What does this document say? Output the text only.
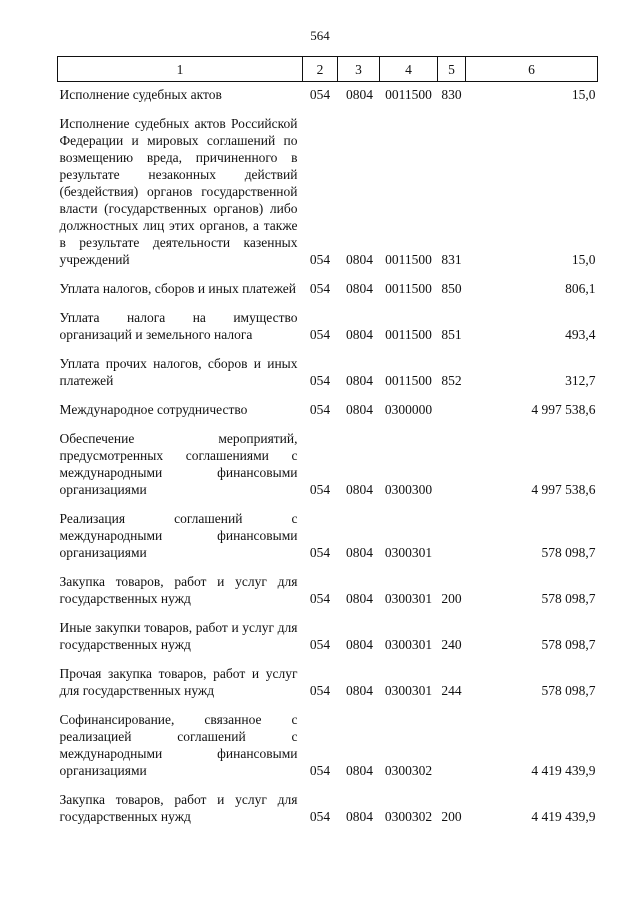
564
1	2	3	4	5	6
Исполнение судебных актов	054	0804	0011500	830	15,0

Исполнение судебных актов Российской Федерации и мировых соглашений по возмещению вреда, причиненного в результате незаконных действий (бездействия) органов государственной власти (государственных органов) либо должностных лиц этих органов, а также в результате деятельности казенных учреждений	054	0804	0011500	831	15,0

Уплата налогов, сборов и иных платежей	054	0804	0011500	850	806,1

Уплата налога на имущество организаций и земельного налога	054	0804	0011500	851	493,4

Уплата прочих налогов, сборов и иных платежей	054	0804	0011500	852	312,7

Международное сотрудничество	054	0804	0300000		4 997 538,6

Обеспечение мероприятий, предусмотренных соглашениями с международными финансовыми организациями	054	0804	0300300		4 997 538,6

Реализация соглашений с международными финансовыми организациями	054	0804	0300301		578 098,7

Закупка товаров, работ и услуг для государственных нужд	054	0804	0300301	200	578 098,7

Иные закупки товаров, работ и услуг для государственных нужд	054	0804	0300301	240	578 098,7

Прочая закупка товаров, работ и услуг для государственных нужд	054	0804	0300301	244	578 098,7

Софинансирование, связанное с реализацией соглашений с международными финансовыми организациями	054	0804	0300302		4 419 439,9

Закупка товаров, работ и услуг для государственных нужд	054	0804	0300302	200	4 419 439,9
